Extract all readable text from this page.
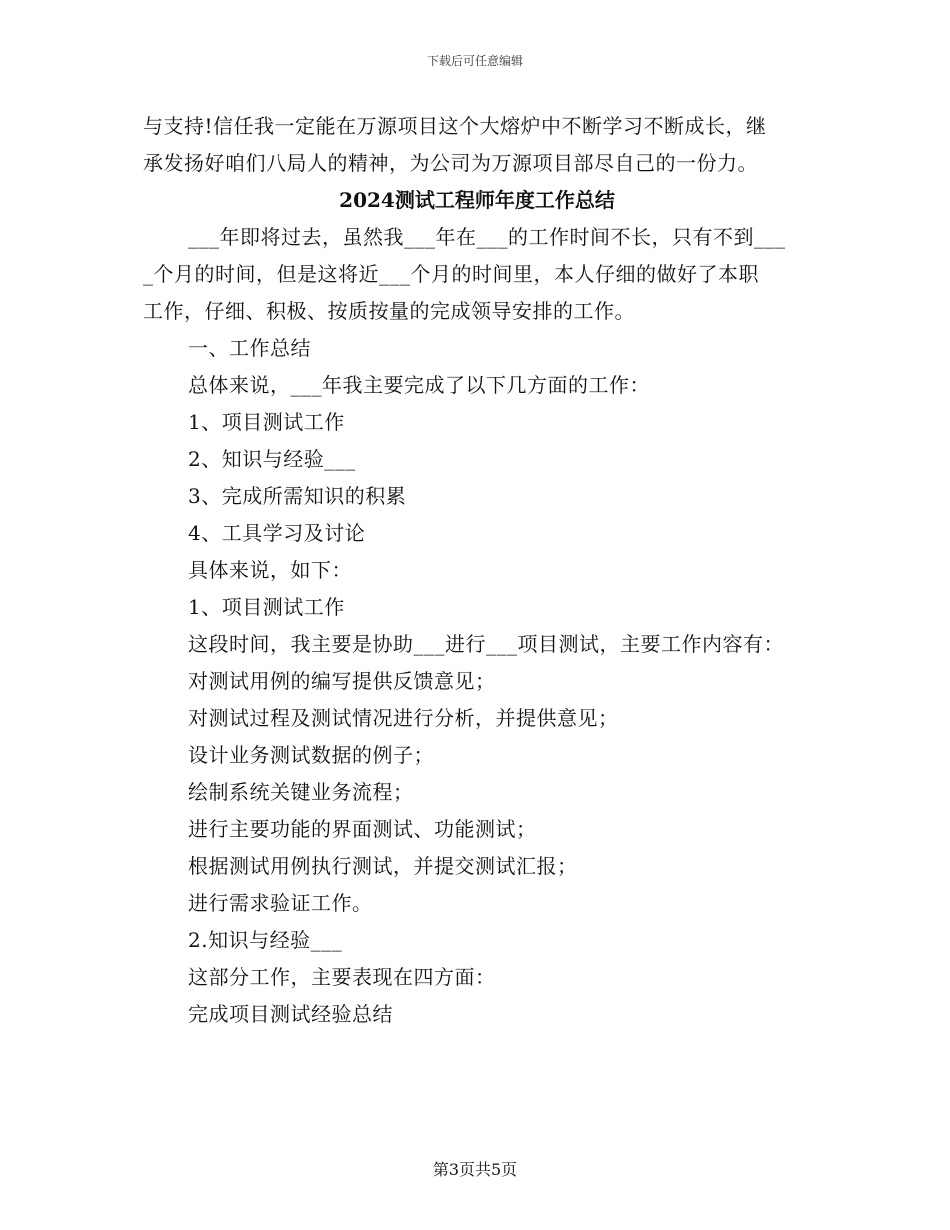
下载后可任意编辑
与支持!信任我一定能在万源项目这个大熔炉中不断学习不断成长，继
承发扬好咱们八局人的精神，为公司为万源项目部尽自己的一份力。
2024测试工程师年度工作总结
___年即将过去，虽然我___年在___的工作时间不长，只有不到___
_个月的时间，但是这将近___个月的时间里，本人仔细的做好了本职
工作，仔细、积极、按质按量的完成领导安排的工作。
一、工作总结
总体来说，___年我主要完成了以下几方面的工作：
1、项目测试工作
2、知识与经验___
3、完成所需知识的积累
4、工具学习及讨论
具体来说，如下：
1、项目测试工作
这段时间，我主要是协助___进行___项目测试，主要工作内容有：
对测试用例的编写提供反馈意见；
对测试过程及测试情况进行分析，并提供意见；
设计业务测试数据的例子；
绘制系统关键业务流程；
进行主要功能的界面测试、功能测试；
根据测试用例执行测试，并提交测试汇报；
进行需求验证工作。
2.知识与经验___
这部分工作，主要表现在四方面：
完成项目测试经验总结
第3页共5页
